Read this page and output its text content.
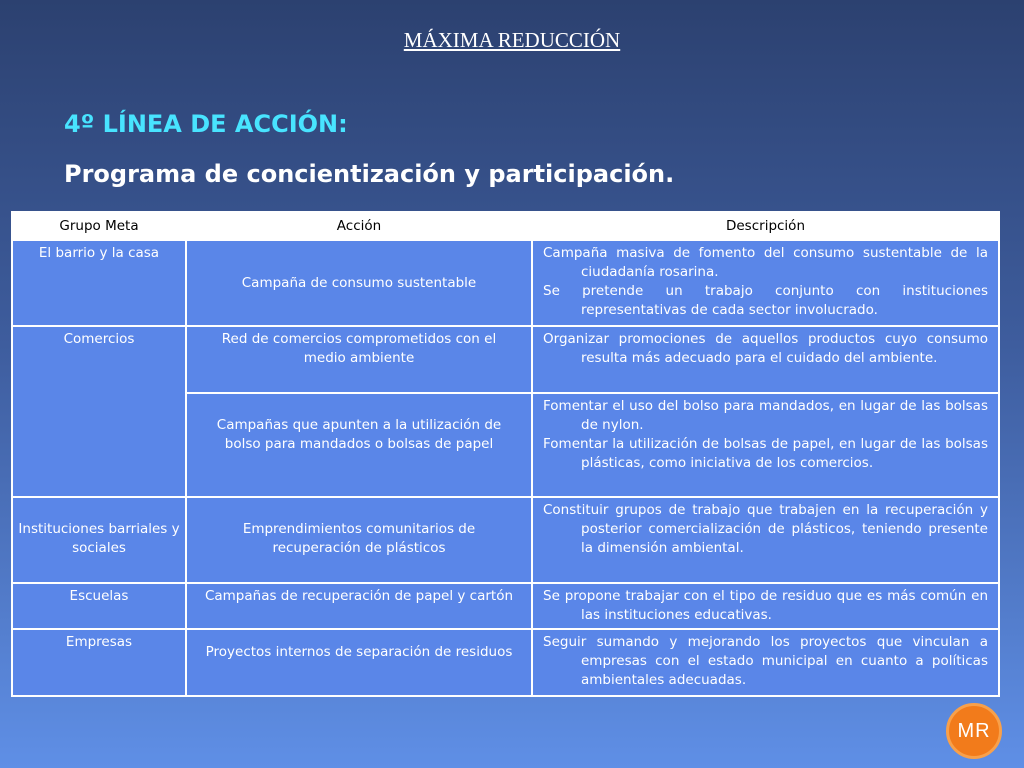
MÁXIMA REDUCCIÓN
4º LÍNEA DE ACCIÓN:
Programa de concientización y participación.
Grupo Meta	Acción	Descripción
El barrio y la casa	Campaña de consumo sustentable	Campaña masiva de fomento del consumo sustentable de la ciudadanía rosarina.
Se pretende un trabajo conjunto con instituciones representativas de cada sector involucrado.

Comercios	Red de comercios comprometidos con el medio ambiente	Organizar promociones de aquellos productos cuyo consumo resulta más adecuado para el cuidado del ambiente.

	Campañas que apunten a la utilización de bolso para mandados o bolsas de papel	Fomentar el uso del bolso para mandados, en lugar de las bolsas de nylon.
Fomentar la utilización de bolsas de papel, en lugar de las bolsas plásticas, como iniciativa de los comercios.

Instituciones barriales y sociales	Emprendimientos comunitarios de recuperación de plásticos	Constituir grupos de trabajo que trabajen en la recuperación y posterior comercialización de plásticos, teniendo presente la dimensión ambiental.

Escuelas	Campañas de recuperación de papel y cartón	Se propone trabajar con el tipo de residuo que es más común en las instituciones educativas.

Empresas	Proyectos internos de separación de residuos	Seguir sumando y mejorando los proyectos que vinculan a empresas con el estado municipal en cuanto a políticas ambientales adecuadas.
MR
